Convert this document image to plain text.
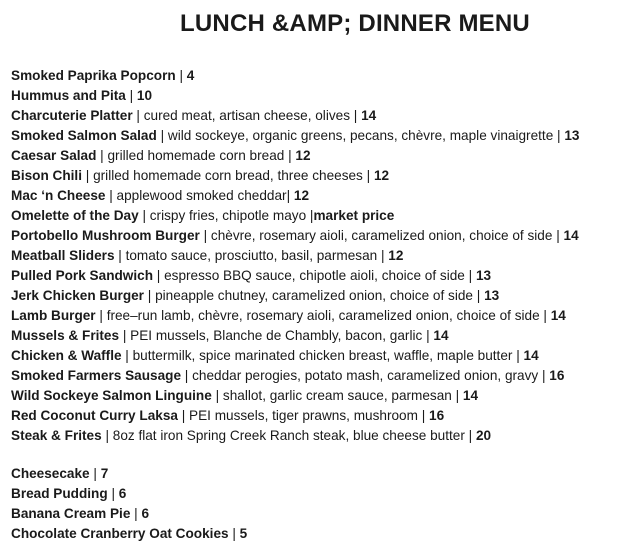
LUNCH &AMP; DINNER MENU
Smoked Paprika Popcorn | 4
Hummus and Pita | 10
Charcuterie Platter | cured meat, artisan cheese, olives | 14
Smoked Salmon Salad | wild sockeye, organic greens, pecans, chèvre, maple vinaigrette | 13
Caesar Salad | grilled homemade corn bread | 12
Bison Chili | grilled homemade corn bread, three cheeses | 12
Mac ‘n Cheese | applewood smoked cheddar| 12
Omelette of the Day | crispy fries, chipotle mayo |market price
Portobello Mushroom Burger | chèvre, rosemary aioli, caramelized onion, choice of side | 14
Meatball Sliders | tomato sauce, prosciutto, basil, parmesan | 12
Pulled Pork Sandwich | espresso BBQ sauce, chipotle aioli, choice of side | 13
Jerk Chicken Burger | pineapple chutney, caramelized onion, choice of side | 13
Lamb Burger | free–run lamb, chèvre, rosemary aioli, caramelized onion, choice of side | 14
Mussels & Frites | PEI mussels, Blanche de Chambly, bacon, garlic | 14
Chicken & Waffle | buttermilk, spice marinated chicken breast, waffle, maple butter | 14
Smoked Farmers Sausage | cheddar perogies, potato mash, caramelized onion, gravy | 16
Wild Sockeye Salmon Linguine | shallot, garlic cream sauce, parmesan | 14
Red Coconut Curry Laksa | PEI mussels, tiger prawns, mushroom | 16
Steak & Frites | 8oz flat iron Spring Creek Ranch steak, blue cheese butter | 20
Cheesecake | 7
Bread Pudding | 6
Banana Cream Pie | 6
Chocolate Cranberry Oat Cookies | 5
